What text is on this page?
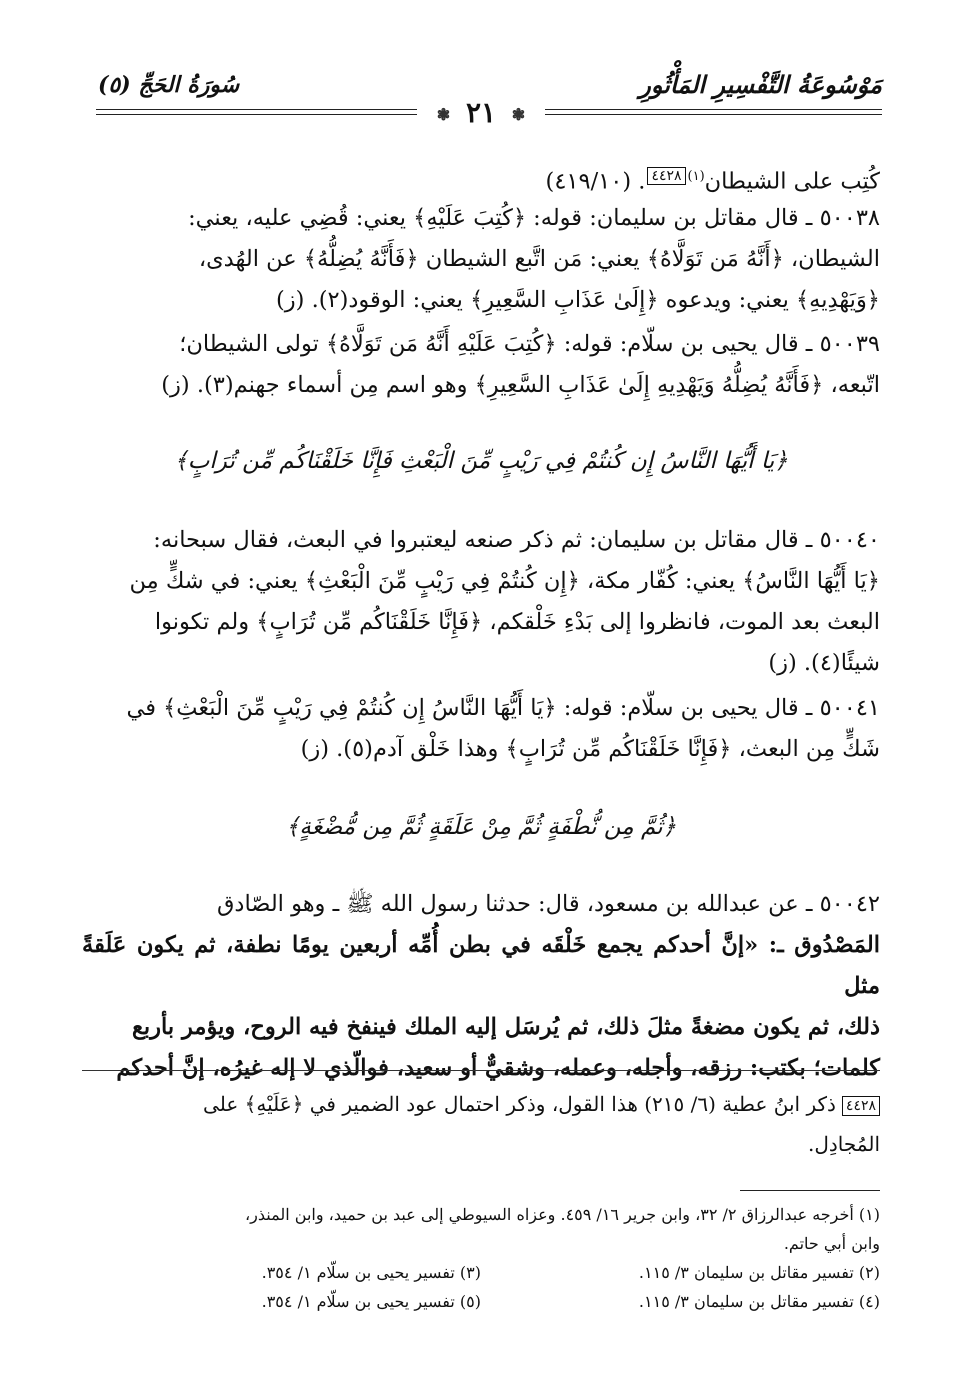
مَوْسُوعَةُ التَّفْسِيرِ المَأْثُورِ
سُورَةُ الحَجِّ (٥)
❃ ٢١ ❃

كُتِب على الشيطان$^{(١)}$٤٤٢٨. (٤١٩/١٠)

٥٠٠٣٨ ـ قال مقاتل بن سليمان: قوله: ﴿كُتِبَ عَلَيْهِ﴾ يعني: قُضِي عليه، يعني:

الشيطان، ﴿أَنَّهُ مَن تَوَلَّاهُ﴾ يعني: مَن اتَّبع الشيطان ﴿فَأَنَّهُ يُضِلُّهُ﴾ عن الهُدى،

﴿وَيَهْدِيهِ﴾ يعني: ويدعوه ﴿إِلَىٰ عَذَابِ السَّعِيرِ﴾ يعني: الوقود(٢). (ز)

٥٠٠٣٩ ـ قال يحيى بن سلّام: قوله: ﴿كُتِبَ عَلَيْهِ أَنَّهُ مَن تَوَلَّاهُ﴾ تولى الشيطان؛

اتّبعه، ﴿فَأَنَّهُ يُضِلُّهُ وَيَهْدِيهِ إِلَىٰ عَذَابِ السَّعِيرِ﴾ وهو اسم مِن أسماء جهنم(٣). (ز)

﴿يَا أَيُّهَا النَّاسُ إِن كُنتُمْ فِي رَيْبٍ مِّنَ الْبَعْثِ فَإِنَّا خَلَقْنَاكُم مِّن تُرَابٍ﴾

٥٠٠٤٠ ـ قال مقاتل بن سليمان: ثم ذكر صنعه ليعتبروا في البعث، فقال سبحانه:

﴿يَا أَيُّهَا النَّاسُ﴾ يعني: كُفّار مكة، ﴿إِن كُنتُمْ فِي رَيْبٍ مِّنَ الْبَعْثِ﴾ يعني: في شكٍّ مِن

البعث بعد الموت، فانظروا إلى بَدْءِ خَلْقكم، ﴿فَإِنَّا خَلَقْنَاكُم مِّن تُرَابٍ﴾ ولم تكونوا

شيئًا(٤). (ز)

٥٠٠٤١ ـ قال يحيى بن سلّام: قوله: ﴿يَا أَيُّهَا النَّاسُ إِن كُنتُمْ فِي رَيْبٍ مِّنَ الْبَعْثِ﴾ في

شَكٍّ مِن البعث، ﴿فَإِنَّا خَلَقْنَاكُم مِّن تُرَابٍ﴾ وهذا خَلْق آدم(٥). (ز)

﴿ثُمَّ مِن نُّطْفَةٍ ثُمَّ مِنْ عَلَقَةٍ ثُمَّ مِن مُّضْغَةٍ﴾

٥٠٠٤٢ ـ عن عبدالله بن مسعود، قال: حدثنا رسول الله ﷺ ـ وهو الصّادق

المَصْدُوق ـ: «إنَّ أحدكم يجمع خَلْقَه في بطن أُمِّه أربعين يومًا نطفة، ثم يكون عَلَقةً مثل

ذلك، ثم يكون مضغةً مثلَ ذلك، ثم يُرسَل إليه الملك فينفخ فيه الروح، ويؤمر بأربع

كلمات؛ بكتب: رزقه، وأجله، وعمله، وشقيٌّ أو سعيد، فوالّذي لا إله غيرُه، إنَّ أحدكم

٤٤٢٨ذكر ابنُ عطية (٦/ ٢١٥) هذا القول، وذكر احتمال عود الضمير في ﴿عَلَيْهِ﴾ على

المُجادِل.

(١) أخرجه عبدالرزاق ٢/ ٣٢، وابن جرير ١٦/ ٤٥٩. وعزاه السيوطي إلى عبد بن حميد، وابن المنذر،

وابن أبي حاتم.

(٢) تفسير مقاتل بن سليمان ٣/ ١١٥.
(٣) تفسير يحيى بن سلّام ١/ ٣٥٤.
(٤) تفسير مقاتل بن سليمان ٣/ ١١٥.
(٥) تفسير يحيى بن سلّام ١/ ٣٥٤.
